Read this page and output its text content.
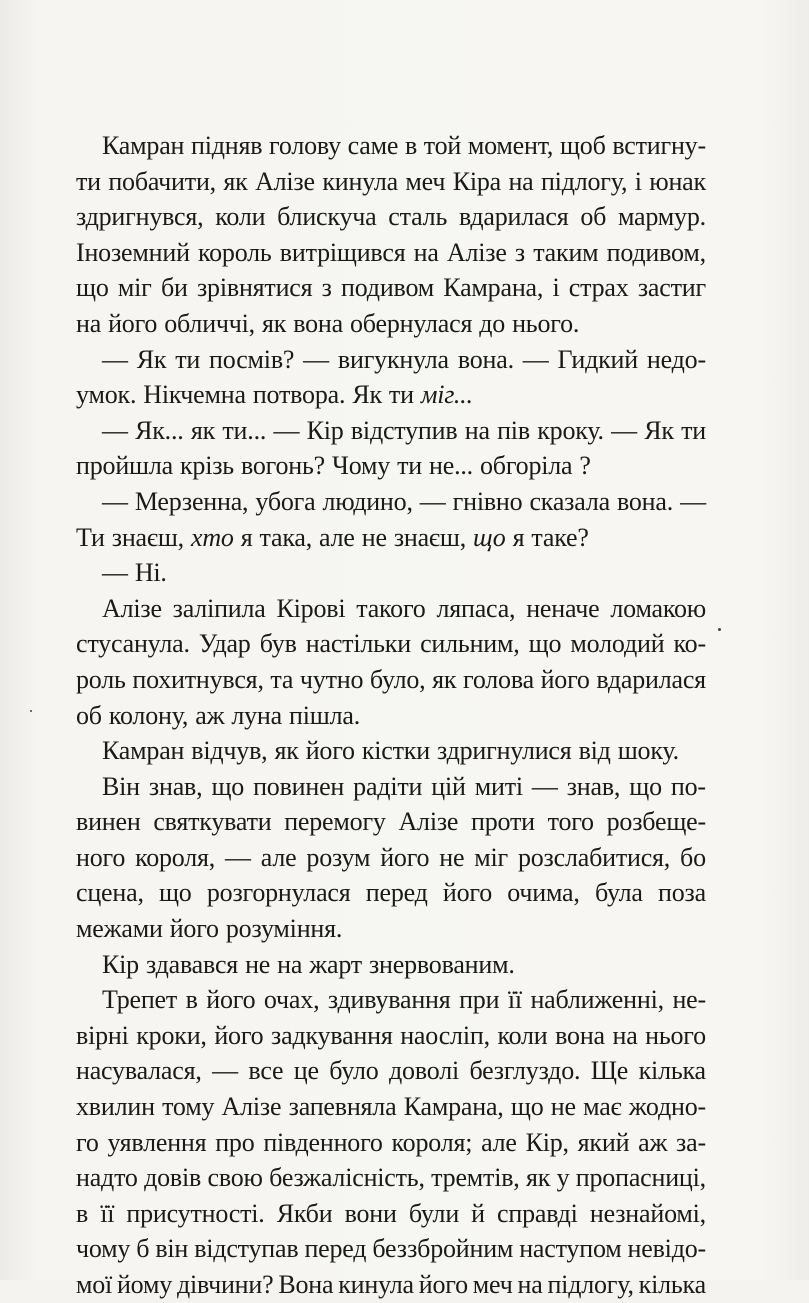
Камран підняв голову саме в той момент, щоб встигну-
ти побачити, як Алізе кинула меч Кіра на підлогу, і юнак
здригнувся, коли блискуча сталь вдарилася об мармур.
Іноземний король витріщився на Алізе з таким подивом,
що міг би зрівнятися з подивом Камрана, і страх застиг
на його обличчі, як вона обернулася до нього.
— Як ти посмів? — вигукнула вона. — Гидкий недо-
умок. Нікчемна потвора. Як ти міг...
— Як... як ти... — Кір відступив на пів кроку. — Як ти
пройшла крізь вогонь? Чому ти не... обгоріла ?
— Мерзенна, убога людино, — гнівно сказала вона. —
Ти знаєш, хто я така, але не знаєш, що я таке?
— Ні.
Алізе заліпила Кірові такого ляпаса, неначе ломакою
стусанула. Удар був настільки сильним, що молодий ко-
роль похитнувся, та чутно було, як голова його вдарилася
об колону, аж луна пішла.
Камран відчув, як його кістки здригнулися від шоку.
Він знав, що повинен радіти цій миті — знав, що по-
винен святкувати перемогу Алізе проти того розбеще-
ного короля, — але розум його не міг розслабитися, бо
сцена, що розгорнулася перед його очима, була поза
межами його розуміння.
Кір здавався не на жарт знервованим.
Трепет в його очах, здивування при її наближенні, не-
вірні кроки, його задкування наосліп, коли вона на нього
насувалася, — все це було доволі безглуздо. Ще кілька
хвилин тому Алізе запевняла Камрана, що не має жодно-
го уявлення про південного короля; але Кір, який аж за-
надто довів свою безжалісність, тремтів, як у пропасниці,
в її присутності. Якби вони були й справді незнайомі,
чому б він відступав перед беззбройним наступом невідо-
мої йому дівчини? Вона кинула його меч на підлогу, кілька
